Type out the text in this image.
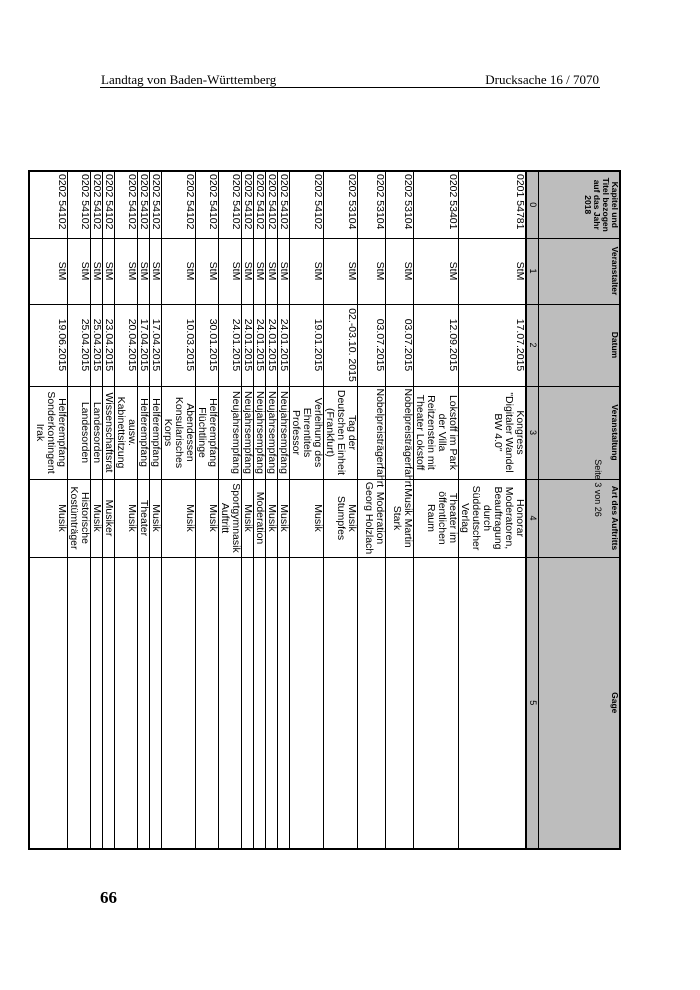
Landtag von Baden-Württemberg	Drucksache 16 / 7070
Kapitel und Titel bezogen auf das Jahr 2018	Veranstalter	Datum	Veranstaltung	Art des Auftritts	Gage
0	1	2	3	4	5
0201 54781	StM	17.07.2015	Kongress "Digitaler Wandel BW 4.0"	Honorar Moderatoren, Beauftragung durch Süddeutscher Verlag	
0202 53401	StM	12.09.2015	Lokstoff im Park der Villa Reitzenstein mit Theater Lokstoff	Theater im öffentlichen Raum	
0202 53104	StM	03.07.2015	Nobelpreisträgerfahrt	Musik Martin Stark	
0202 53104	StM	03.07.2015	Nobelpreisträgerfahrt	Moderation Georg Holzlach	
0202 53104	StM	02.-03.10. 2015	Tag der Deutschen Einheit (Frankfurt)	Musik Stumpfes	
0202 54102	StM	19.01.2015	Verleihung des Ehrentitels Professor	Musik	
0202 54102	StM	24.01.2015	Neujahrsempfang	Musik	
0202 54102	StM	24.01.2015	Neujahrsempfang	Musik	
0202 54102	StM	24.01.2015	Neujahrsempfang	Moderation	
0202 54102	StM	24.01.2015	Neujahrsempfang	Musik	
0202 54102	StM	24.01.2015	Neujahrsempfang	Sportgymnasik Auftritt	
0202 54102	StM	30.01.2015	Helferempfang Flüchtlinge	Musik	
0202 54102	StM	10.03.2015	Abendessen Konsularisches Korps	Musik	
0202 54102	StM	17.04.2015	Helferempfang	Musik	
0202 54102	StM	17.04.2015	Helferempfang	Theater	
0202 54102	StM	20.04.2015	ausw. Kabinettsitzung	Musik	
0202 54102	StM	23.04.2015	Wissenschaftsrat	Musiker	
0202 54102	StM	25.04.2015	Landesorden	Musik	
0202 54102	StM	25.04.2015	Landesorden	Historische Kostümträger	
0202 54102	StM	19.06.2015	Helferempfang Sonderkontingent Irak	Musik	
Seite 3 von 26
66
